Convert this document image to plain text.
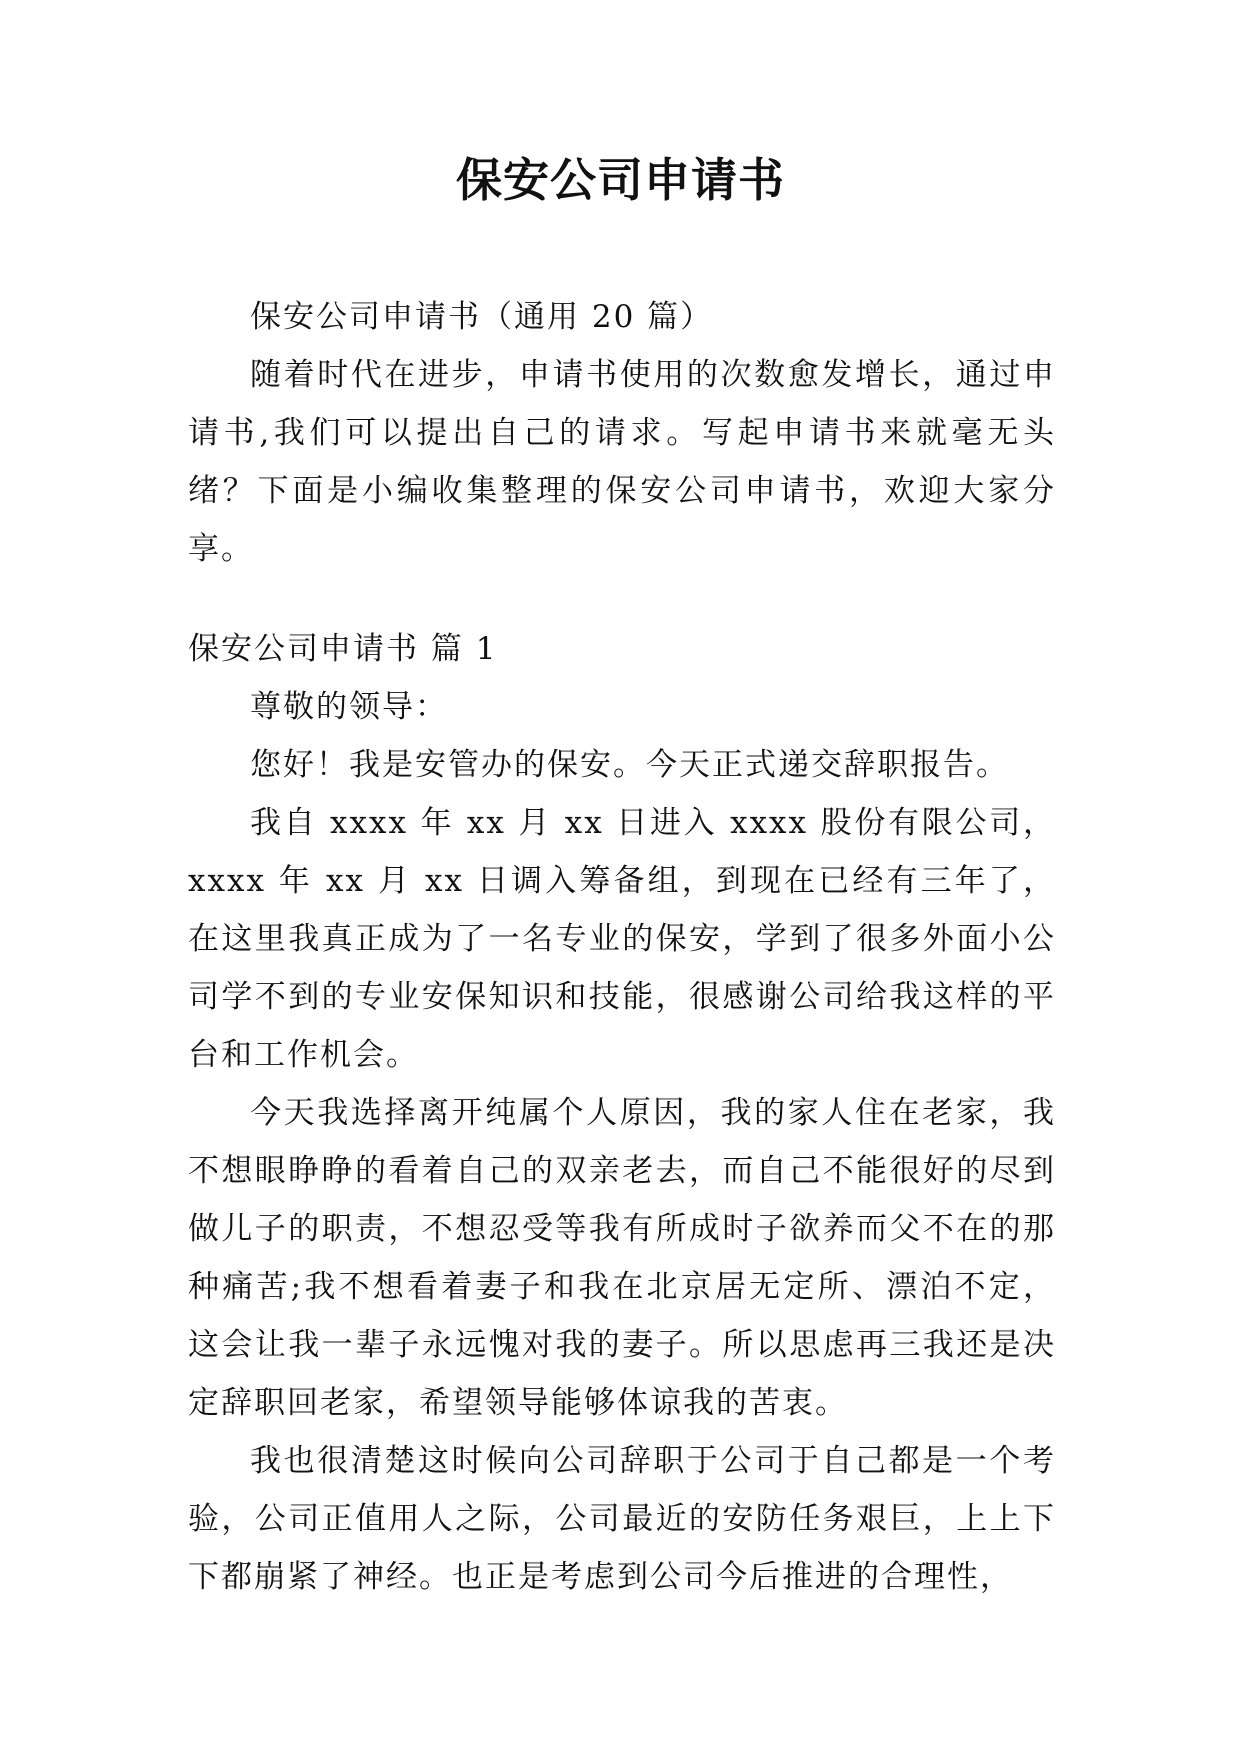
保安公司申请书

保安公司申请书（通用 20 篇）

随着时代在进步，申请书使用的次数愈发增长，通过申请书,我们可以提出自己的请求。写起申请书来就毫无头绪？下面是小编收集整理的保安公司申请书，欢迎大家分享。

保安公司申请书 篇 1

尊敬的领导：

您好！我是安管办的保安。今天正式递交辞职报告。

我自 xxxx 年 xx 月 xx 日进入 xxxx 股份有限公司，xxxx 年 xx 月 xx 日调入筹备组，到现在已经有三年了，在这里我真正成为了一名专业的保安，学到了很多外面小公司学不到的专业安保知识和技能，很感谢公司给我这样的平台和工作机会。

今天我选择离开纯属个人原因，我的家人住在老家，我不想眼睁睁的看着自己的双亲老去，而自己不能很好的尽到做儿子的职责，不想忍受等我有所成时子欲养而父不在的那种痛苦;我不想看着妻子和我在北京居无定所、漂泊不定，这会让我一辈子永远愧对我的妻子。所以思虑再三我还是决定辞职回老家，希望领导能够体谅我的苦衷。

我也很清楚这时候向公司辞职于公司于自己都是一个考验，公司正值用人之际，公司最近的安防任务艰巨，上上下下都崩紧了神经。也正是考虑到公司今后推进的合理性，
